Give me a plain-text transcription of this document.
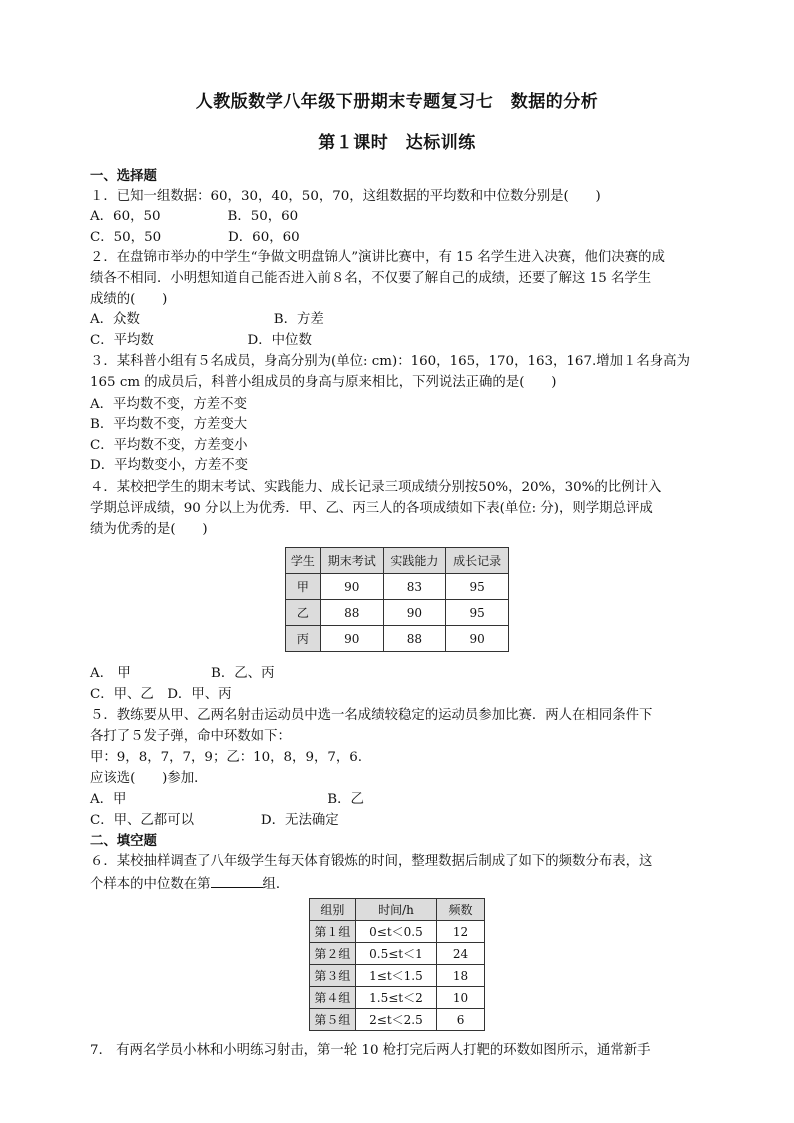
人教版数学八年级下册期末专题复习七　数据的分析
第１课时　达标训练
一、选择题
１．已知一组数据：60，30，40，50，70，这组数据的平均数和中位数分别是(　　)
A．60，50　　　　　B．50，60
C．50，50　　　　　D．60，60
２．在盘锦市举办的中学生“争做文明盘锦人”演讲比赛中，有 15 名学生进入决赛，他们决赛的成
绩各不相同．小明想知道自己能否进入前８名，不仅要了解自己的成绩，还要了解这 15 名学生
成绩的(　　)
A．众数　　　　　　　　　　B．方差
C．平均数　　　　　　　D．中位数
３．某科普小组有５名成员，身高分别为(单位: cm)：160，165，170，163，167.增加１名身高为
165 cm 的成员后，科普小组成员的身高与原来相比，下列说法正确的是(　　)
A．平均数不变，方差不变
B．平均数不变，方差变大
C．平均数不变，方差变小
D．平均数变小，方差不变
４．某校把学生的期末考试、实践能力、成长记录三项成绩分别按50%，20%，30%的比例计入
学期总评成绩，90 分以上为优秀．甲、乙、丙三人的各项成绩如下表(单位: 分)，则学期总评成
绩为优秀的是(　　)
学生	期末考试	实践能力	成长记录
甲	90	83	95
乙	88	90	95
丙	90	88	90
A.　甲　　　　　　B．乙、丙
C．甲、乙　D．甲、丙
５．教练要从甲、乙两名射击运动员中选一名成绩较稳定的运动员参加比赛．两人在相同条件下
各打了５发子弹，命中环数如下：
甲：9，8，7，7，9；乙：10，8，9，7，6.
应该选(　　)参加．
A．甲　　　　　　　　　　　　　　　B．乙
C．甲、乙都可以　　　　　D．无法确定
二、填空题
６．某校抽样调查了八年级学生每天体育锻炼的时间，整理数据后制成了如下的频数分布表，这
个样本的中位数在第	组．
组别	时间/h	频数
第１组	0≤t＜0.5	12
第２组	0.5≤t＜1	24
第３组	1≤t＜1.5	18
第４组	1.5≤t＜2	10
第５组	2≤t＜2.5	6
7.　有两名学员小林和小明练习射击，第一轮 10 枪打完后两人打靶的环数如图所示，通常新手
